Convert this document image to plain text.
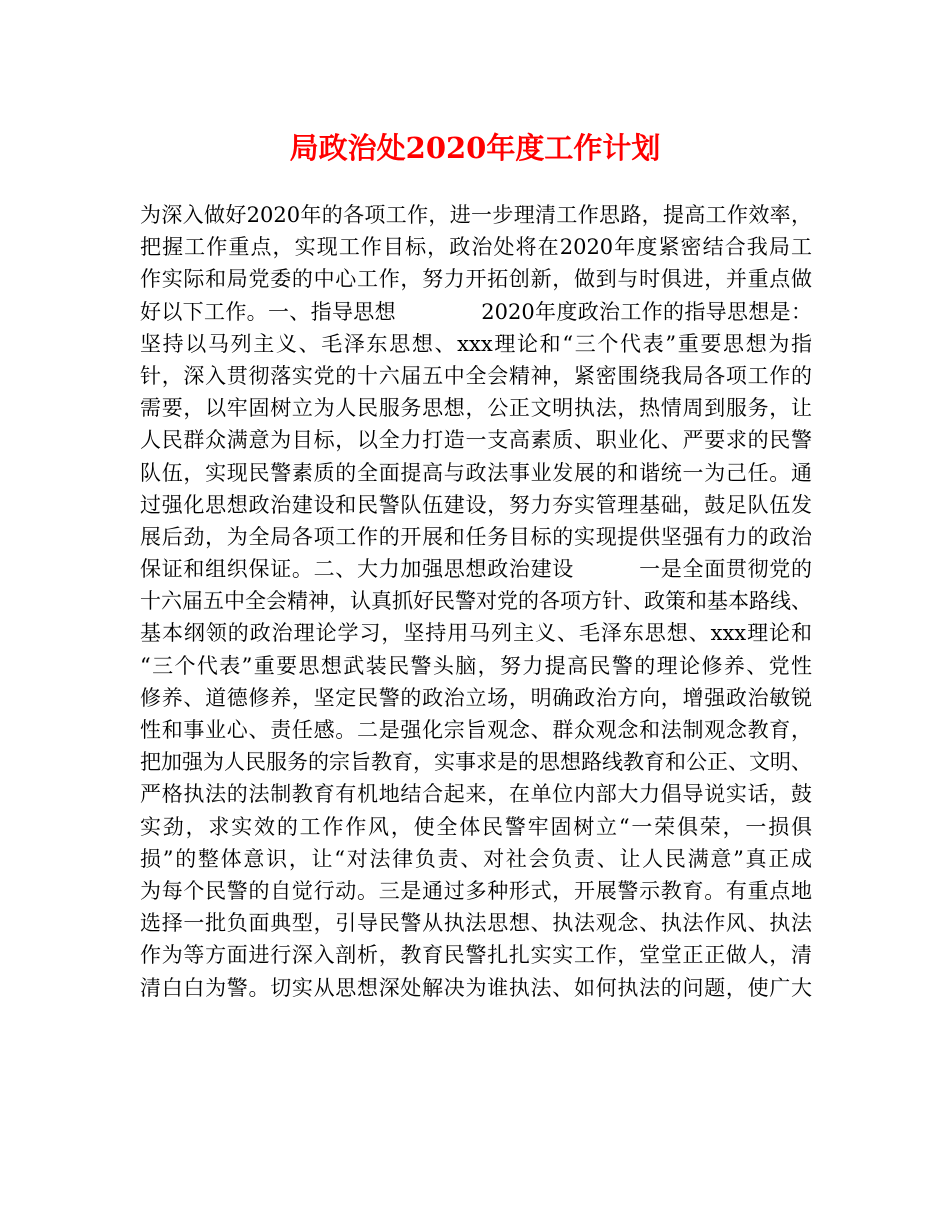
局政治处2020年度工作计划
为深入做好2020年的各项工作，进一步理清工作思路，提高工作效率，
把握工作重点，实现工作目标，政治处将在2020年度紧密结合我局工
作实际和局党委的中心工作，努力开拓创新，做到与时俱进，并重点做
好以下工作。一、指导思想　　　　2020年度政治工作的指导思想是：
坚持以马列主义、毛泽东思想、xxx理论和“三个代表”重要思想为指
针，深入贯彻落实党的十六届五中全会精神，紧密围绕我局各项工作的
需要，以牢固树立为人民服务思想，公正文明执法，热情周到服务，让
人民群众满意为目标，以全力打造一支高素质、职业化、严要求的民警
队伍，实现民警素质的全面提高与政法事业发展的和谐统一为己任。通
过强化思想政治建设和民警队伍建设，努力夯实管理基础，鼓足队伍发
展后劲，为全局各项工作的开展和任务目标的实现提供坚强有力的政治
保证和组织保证。二、大力加强思想政治建设　　　一是全面贯彻党的
十六届五中全会精神，认真抓好民警对党的各项方针、政策和基本路线、
基本纲领的政治理论学习，坚持用马列主义、毛泽东思想、xxx理论和
“三个代表”重要思想武装民警头脑，努力提高民警的理论修养、党性
修养、道德修养，坚定民警的政治立场，明确政治方向，增强政治敏锐
性和事业心、责任感。二是强化宗旨观念、群众观念和法制观念教育，
把加强为人民服务的宗旨教育，实事求是的思想路线教育和公正、文明、
严格执法的法制教育有机地结合起来，在单位内部大力倡导说实话，鼓
实劲，求实效的工作作风，使全体民警牢固树立“一荣俱荣，一损俱
损”的整体意识，让“对法律负责、对社会负责、让人民满意”真正成
为每个民警的自觉行动。三是通过多种形式，开展警示教育。有重点地
选择一批负面典型，引导民警从执法思想、执法观念、执法作风、执法
作为等方面进行深入剖析，教育民警扎扎实实工作，堂堂正正做人，清
清白白为警。切实从思想深处解决为谁执法、如何执法的问题，使广大
